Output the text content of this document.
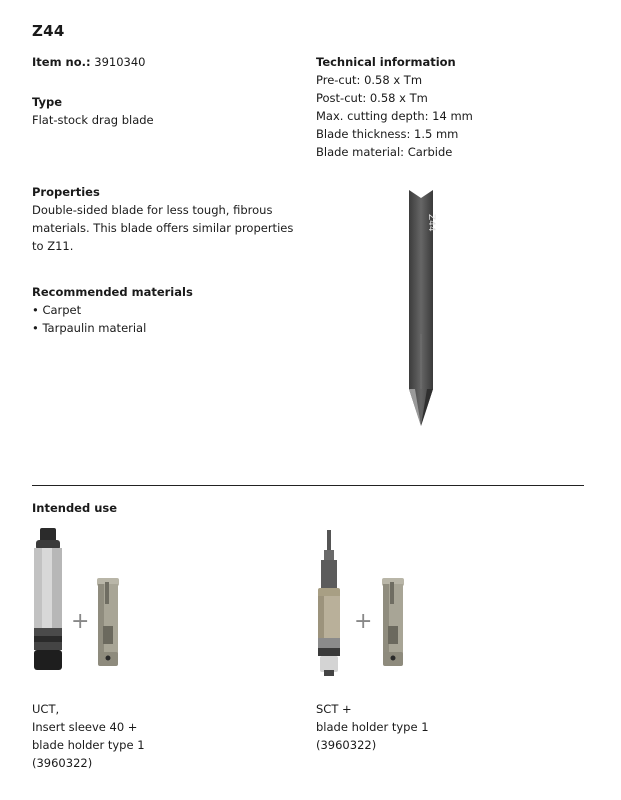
Z44
Item no.: 3910340
Type
Flat-stock drag blade
Properties
Double-sided blade for less tough, fibrous
materials. This blade offers similar properties
to Z11.
Recommended materials
• Carpet
• Tarpaulin material
Technical information
Pre-cut: 0.58 x Tm
Post-cut: 0.58 x Tm
Max. cutting depth: 14 mm
Blade thickness: 1.5 mm
Blade material: Carbide
Z44
Intended use
+	+
UCT,
Insert sleeve 40 +
blade holder type 1
(3960322)
SCT +
blade holder type 1
(3960322)
